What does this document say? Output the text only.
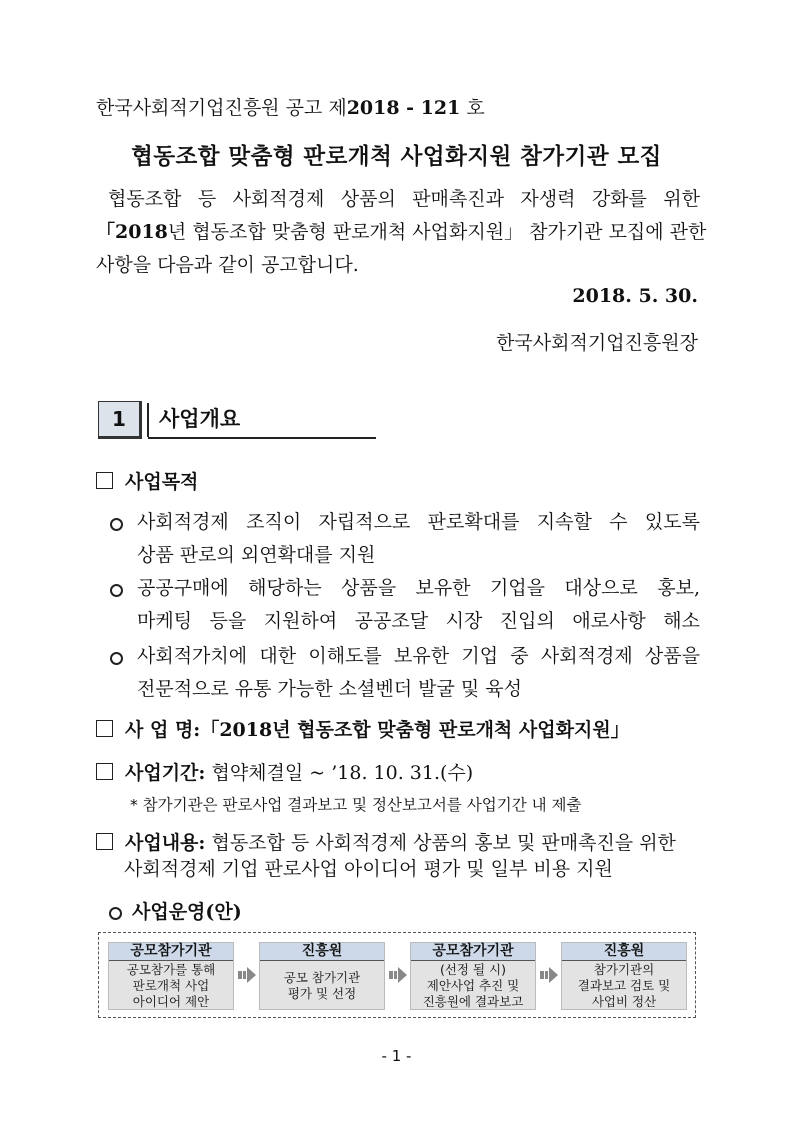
한국사회적기업진흥원 공고 제2018 - 121 호
협동조합 맞춤형 판로개척 사업화지원 참가기관 모집
협동조합 등 사회적경제 상품의 판매촉진과 자생력 강화를 위한
「2018년 협동조합 맞춤형 판로개척 사업화지원」 참가기관 모집에 관한
사항을 다음과 같이 공고합니다.
2018. 5. 30.
한국사회적기업진흥원장
1	사업개요
사업목적
사회적경제 조직이 자립적으로 판로확대를 지속할 수 있도록
상품 판로의 외연확대를 지원
공공구매에 해당하는 상품을 보유한 기업을 대상으로 홍보,
마케팅 등을 지원하여 공공조달 시장 진입의 애로사항 해소
사회적가치에 대한 이해도를 보유한 기업 중 사회적경제 상품을
전문적으로 유통 가능한 소셜벤더 발굴 및 육성
사 업 명:「2018년 협동조합 맞춤형 판로개척 사업화지원」
사업기간: 협약체결일 ~ ’18. 10. 31.(수)
* 참가기관은 판로사업 결과보고 및 정산보고서를 사업기간 내 제출
사업내용: 협동조합 등 사회적경제 상품의 홍보 및 판매촉진을 위한
사회적경제 기업 판로사업 아이디어 평가 및 일부 비용 지원
사업운영(안)
공모참가기관
공모참가를 통해
판로개척 사업
아이디어 제안
진흥원
공모 참가기관
평가 및 선정
공모참가기관
(선정 될 시)
제안사업 추진 및
진흥원에 결과보고
진흥원
참가기관의
결과보고 검토 및
사업비 정산
- 1 -
